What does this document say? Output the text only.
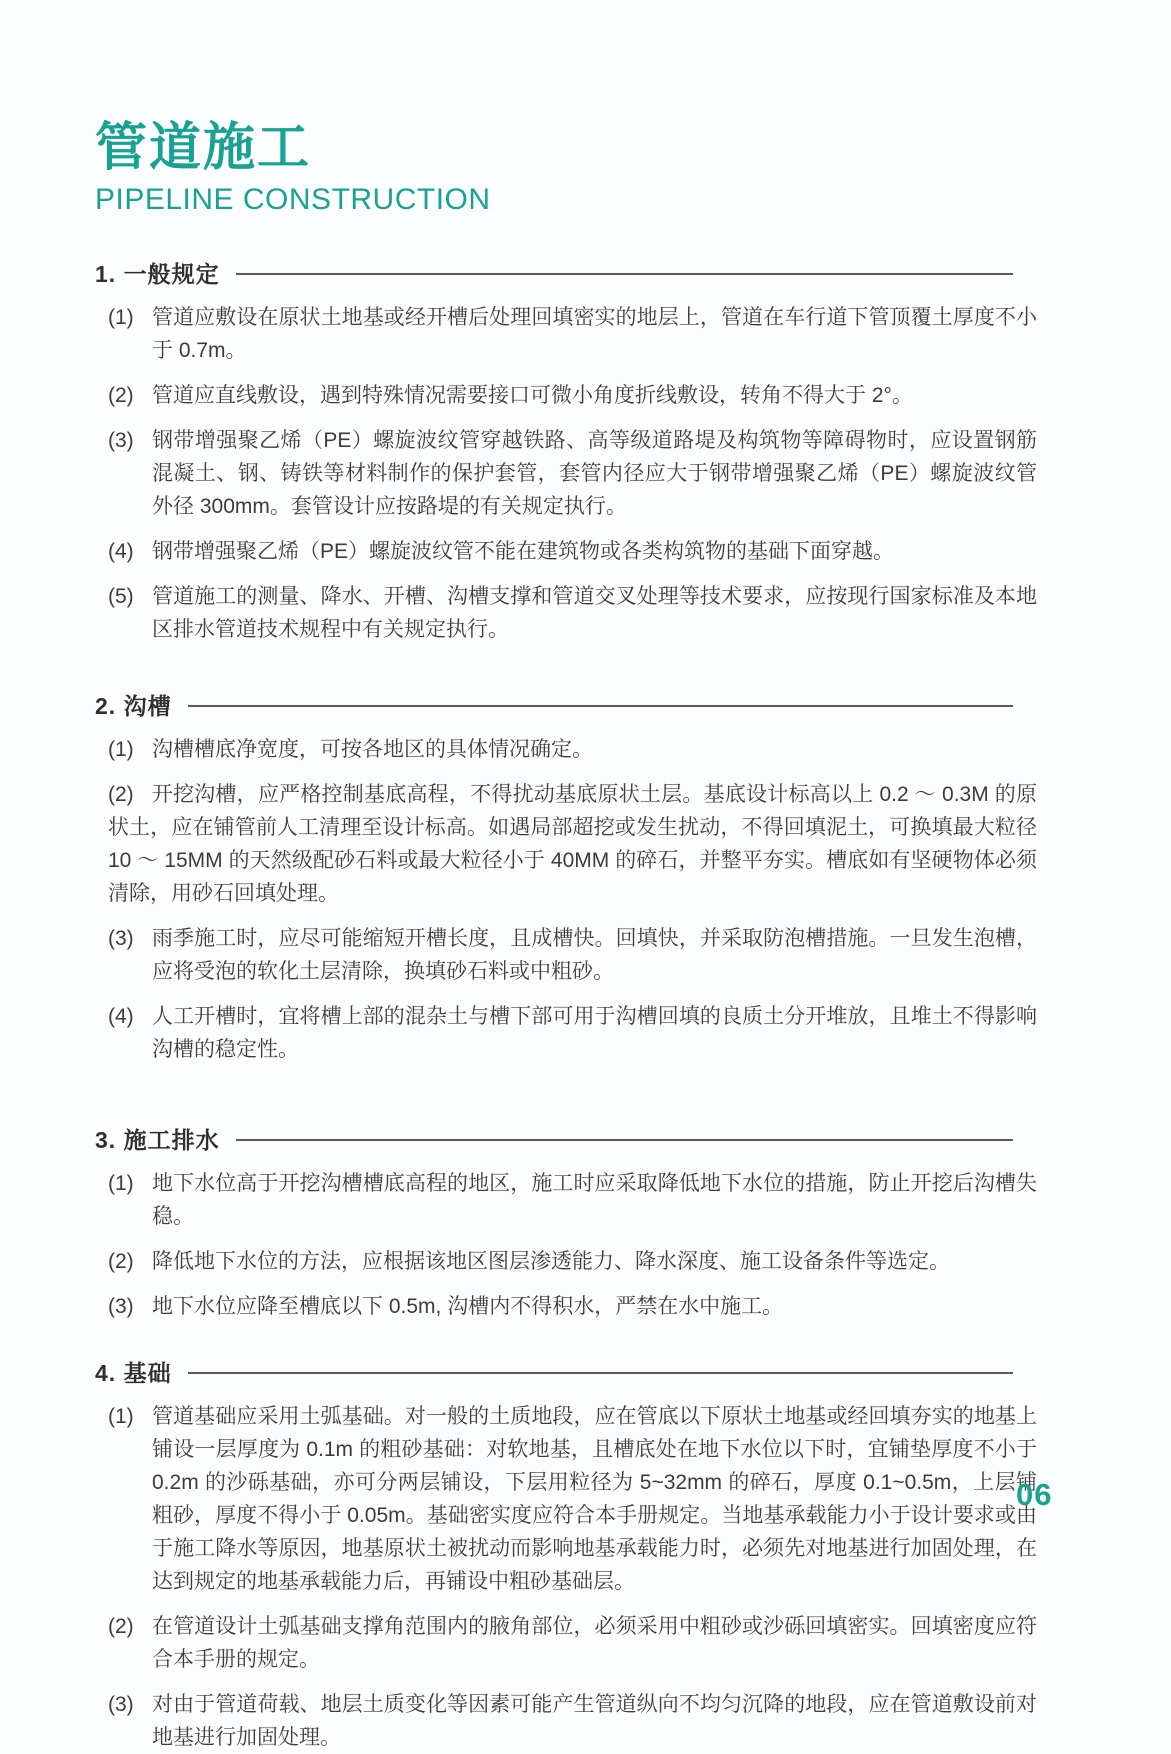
管道施工
PIPELINE CONSTRUCTION
1. 一般规定
(1) 管道应敷设在原状土地基或经开槽后处理回填密实的地层上，管道在车行道下管顶覆土厚度不小于 0.7m。
(2) 管道应直线敷设，遇到特殊情况需要接口可微小角度折线敷设，转角不得大于 2°。
(3) 钢带增强聚乙烯（PE）螺旋波纹管穿越铁路、高等级道路堤及构筑物等障碍物时，应设置钢筋混凝土、钢、铸铁等材料制作的保护套管，套管内径应大于钢带增强聚乙烯（PE）螺旋波纹管外径 300mm。套管设计应按路堤的有关规定执行。
(4) 钢带增强聚乙烯（PE）螺旋波纹管不能在建筑物或各类构筑物的基础下面穿越。
(5) 管道施工的测量、降水、开槽、沟槽支撑和管道交叉处理等技术要求，应按现行国家标准及本地区排水管道技术规程中有关规定执行。
2. 沟槽
(1) 沟槽槽底净宽度，可按各地区的具体情况确定。
(2) 开挖沟槽，应严格控制基底高程，不得扰动基底原状土层。基底设计标高以上 0.2 ～ 0.3M 的原状土，应在铺管前人工清理至设计标高。如遇局部超挖或发生扰动，不得回填泥土，可换填最大粒径 10 ～ 15MM 的天然级配砂石料或最大粒径小于 40MM 的碎石，并整平夯实。槽底如有坚硬物体必须清除，用砂石回填处理。
(3) 雨季施工时，应尽可能缩短开槽长度，且成槽快。回填快，并采取防泡槽措施。一旦发生泡槽，应将受泡的软化土层清除，换填砂石料或中粗砂。
(4) 人工开槽时，宜将槽上部的混杂土与槽下部可用于沟槽回填的良质土分开堆放，且堆土不得影响沟槽的稳定性。
3. 施工排水
(1) 地下水位高于开挖沟槽槽底高程的地区，施工时应采取降低地下水位的措施，防止开挖后沟槽失稳。
(2) 降低地下水位的方法，应根据该地区图层渗透能力、降水深度、施工设备条件等选定。
(3) 地下水位应降至槽底以下 0.5m, 沟槽内不得积水，严禁在水中施工。
4. 基础
(1) 管道基础应采用土弧基础。对一般的土质地段，应在管底以下原状土地基或经回填夯实的地基上铺设一层厚度为 0.1m 的粗砂基础：对软地基，且槽底处在地下水位以下时，宜铺垫厚度不小于 0.2m 的沙砾基础，亦可分两层铺设，下层用粒径为 5~32mm 的碎石，厚度 0.1~0.5m，上层铺粗砂，厚度不得小于 0.05m。基础密实度应符合本手册规定。当地基承载能力小于设计要求或由于施工降水等原因，地基原状土被扰动而影响地基承载能力时，必须先对地基进行加固处理，在达到规定的地基承载能力后，再铺设中粗砂基础层。
(2) 在管道设计土弧基础支撑角范围内的腋角部位，必须采用中粗砂或沙砾回填密实。回填密度应符合本手册的规定。
(3) 对由于管道荷载、地层土质变化等因素可能产生管道纵向不均匀沉降的地段，应在管道敷设前对地基进行加固处理。
06
